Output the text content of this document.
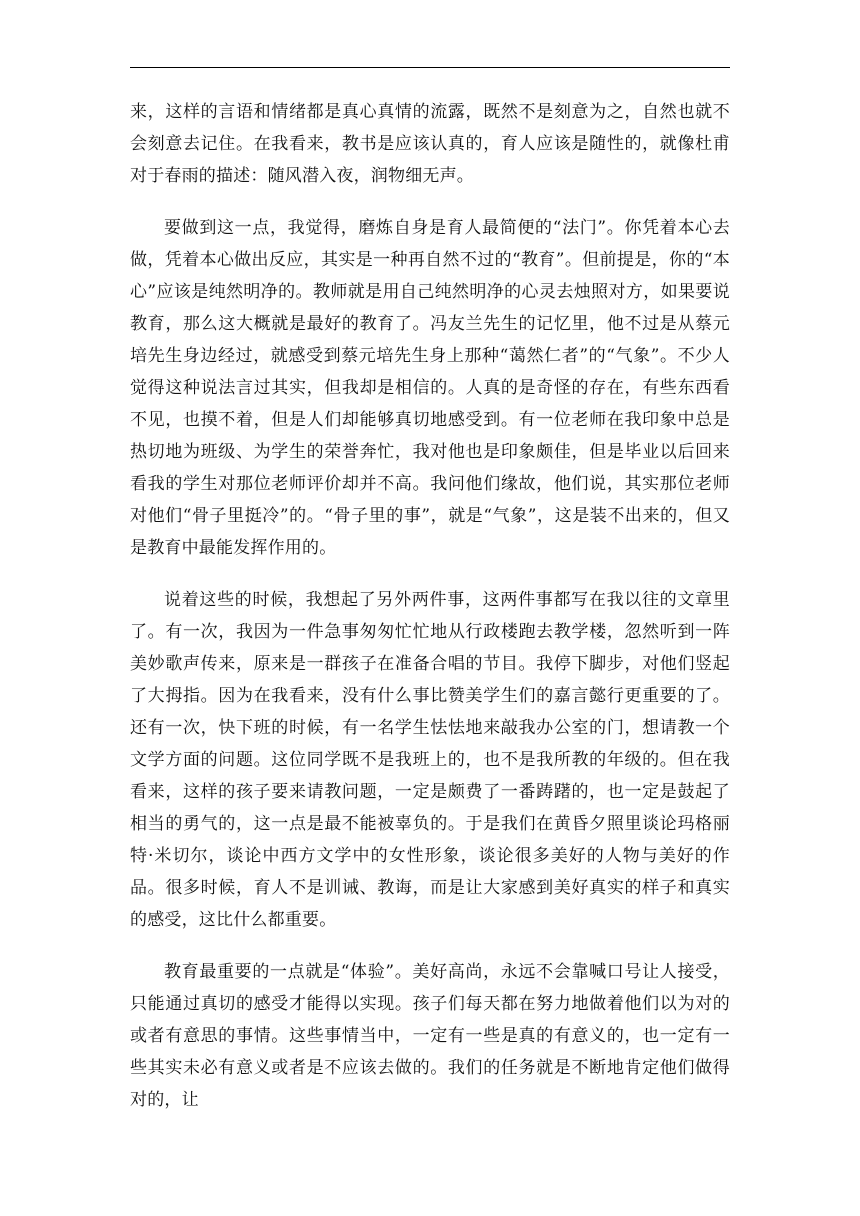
来，这样的言语和情绪都是真心真情的流露，既然不是刻意为之，自然也就不会刻意去记住。在我看来，教书是应该认真的，育人应该是随性的，就像杜甫对于春雨的描述：随风潜入夜，润物细无声。

要做到这一点，我觉得，磨炼自身是育人最简便的“法门”。你凭着本心去做，凭着本心做出反应，其实是一种再自然不过的“教育”。但前提是，你的“本心”应该是纯然明净的。教师就是用自己纯然明净的心灵去烛照对方，如果要说教育，那么这大概就是最好的教育了。冯友兰先生的记忆里，他不过是从蔡元培先生身边经过，就感受到蔡元培先生身上那种“蔼然仁者”的“气象”。不少人觉得这种说法言过其实，但我却是相信的。人真的是奇怪的存在，有些东西看不见，也摸不着，但是人们却能够真切地感受到。有一位老师在我印象中总是热切地为班级、为学生的荣誉奔忙，我对他也是印象颇佳，但是毕业以后回来看我的学生对那位老师评价却并不高。我问他们缘故，他们说，其实那位老师对他们“骨子里挺冷”的。“骨子里的事”，就是“气象”，这是装不出来的，但又是教育中最能发挥作用的。

说着这些的时候，我想起了另外两件事，这两件事都写在我以往的文章里了。有一次，我因为一件急事匆匆忙忙地从行政楼跑去教学楼，忽然听到一阵美妙歌声传来，原来是一群孩子在准备合唱的节目。我停下脚步，对他们竖起了大拇指。因为在我看来，没有什么事比赞美学生们的嘉言懿行更重要的了。还有一次，快下班的时候，有一名学生怯怯地来敲我办公室的门，想请教一个文学方面的问题。这位同学既不是我班上的，也不是我所教的年级的。但在我看来，这样的孩子要来请教问题，一定是颇费了一番踌躇的，也一定是鼓起了相当的勇气的，这一点是最不能被辜负的。于是我们在黄昏夕照里谈论玛格丽特·米切尔，谈论中西方文学中的女性形象，谈论很多美好的人物与美好的作品。很多时候，育人不是训诫、教诲，而是让大家感到美好真实的样子和真实的感受，这比什么都重要。

教育最重要的一点就是“体验”。美好高尚，永远不会靠喊口号让人接受，只能通过真切的感受才能得以实现。孩子们每天都在努力地做着他们以为对的或者有意思的事情。这些事情当中，一定有一些是真的有意义的，也一定有一些其实未必有意义或者是不应该去做的。我们的任务就是不断地肯定他们做得对的，让
